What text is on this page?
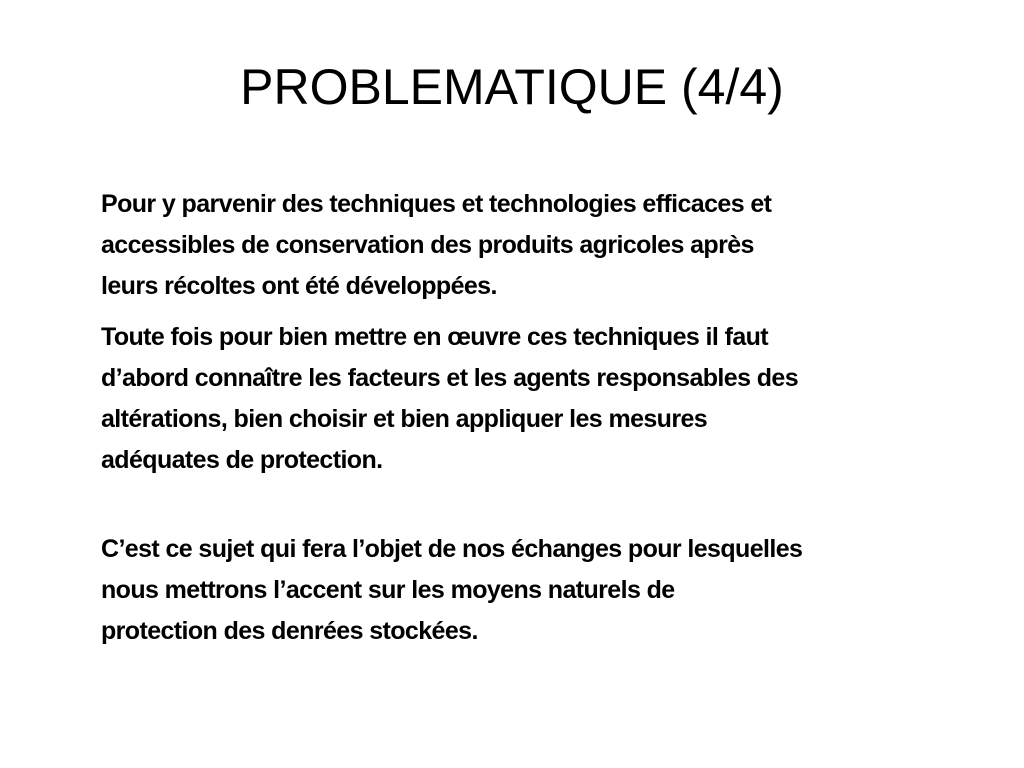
PROBLEMATIQUE (4/4)

Pour y parvenir des techniques et technologies efficaces et
accessibles de conservation des produits agricoles après
leurs récoltes ont été développées.

Toute fois pour bien mettre en œuvre ces techniques il faut
d’abord connaître les facteurs et les agents responsables des
altérations, bien choisir et bien appliquer les mesures
adéquates de protection.

C’est ce sujet qui fera l’objet de nos échanges pour lesquelles
nous mettrons l’accent sur les moyens naturels de
protection des denrées stockées.
